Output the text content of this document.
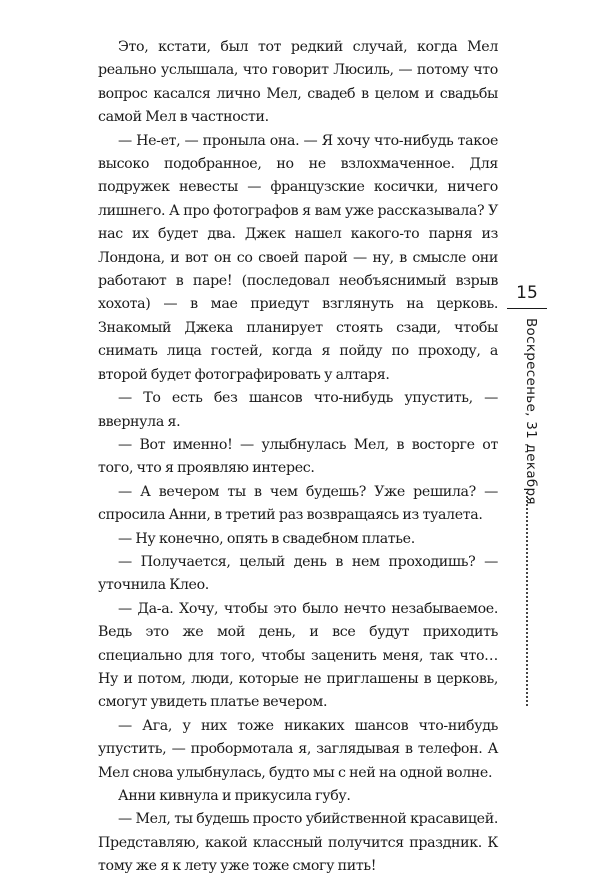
Это, кстати, был тот редкий случай, когда Мел реально услышала, что говорит Люсиль, — потому что вопрос касался лично Мел, свадеб в целом и свадьбы самой Мел в частности.

— Не-ет, — пронылa она. — Я хочу что-нибудь такое высоко подобранное, но не взлохмаченное. Для подружек невесты — французские косички, ничего лишнего. А про фотографов я вам уже рассказывала? У нас их будет два. Джек нашел какого-то парня из Лондона, и вот он со своей парой — ну, в смысле они работают в паре! (последовал необъяснимый взрыв хохота) — в мае приедут взглянуть на церковь. Знакомый Джека планирует стоять сзади, чтобы снимать лица гостей, когда я пойду по проходу, а второй будет фотографировать у алтаря.

— То есть без шансов что-нибудь упустить, — ввернула я.

— Вот именно! — улыбнулась Мел, в восторге от того, что я проявляю интерес.

— А вечером ты в чем будешь? Уже решила? — спросила Анни, в третий раз возвращаясь из туалета.

— Ну конечно, опять в свадебном платье.

— Получается, целый день в нем проходишь? — уточнила Клео.

— Да-а. Хочу, чтобы это было нечто незабываемое. Ведь это же мой день, и все будут приходить специально для того, чтобы заценить меня, так что… Ну и потом, люди, которые не приглашены в церковь, смогут увидеть платье вечером.

— Ага, у них тоже никаких шансов что-нибудь упустить, — пробормотала я, заглядывая в телефон. А Мел снова улыбнулась, будто мы с ней на одной волне.

Анни кивнула и прикусила губу.

— Мел, ты будешь просто убийственной красавицей. Представляю, какой классный получится праздник. К тому же я к лету уже тоже смогу пить!

15
Воскресенье, 31 декабря
